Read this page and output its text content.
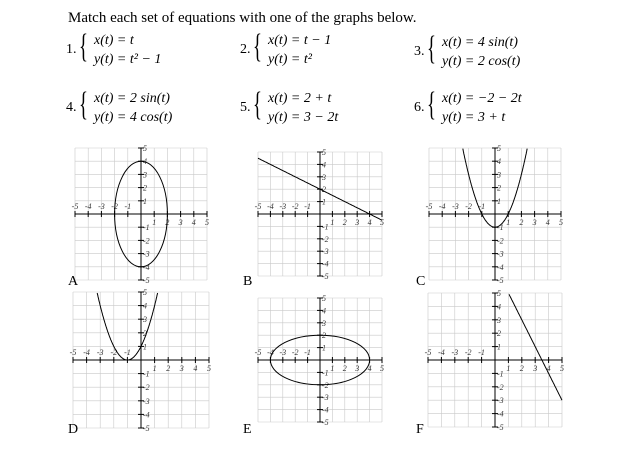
Match each set of equations with one of the graphs below.
1. { x(t) = t
y(t) = t² − 1
2. { x(t) = t − 1
y(t) = t²
3. { x(t) = 4 sin(t)
y(t) = 2 cos(t)
4. { x(t) = 2 sin(t)
y(t) = 4 cos(t)
5. { x(t) = 2 + t
y(t) = 3 − 2t
6. { x(t) = −2 − 2t
y(t) = 3 + t
-5 -4 -3 -2 -1
1 2 3 4 5
5
4
3
2
1
-1
-2
-3
-4
-5
-5 -4 -3 -2 -1
1 2 3 4 5
5
4
3
2
1
-1
-2
-3
-4
-5
-5 -4 -3 -2 -1
1 2 3 4 5
5
4
3
2
1
-1
-2
-3
-4
-5
-5 -4 -3 -2 -1
1 2 3 4 5
5
4
3
2
1
-1
-2
-3
-4
-5
-5 -4 -3 -2 -1
1 2 3 4 5
5
4
3
2
1
-1
-2
-3
-4
-5
-5 -4 -3 -2 -1
1 2 3 4 5
5
4
3
2
1
-1
-2
-3
-4
-5
A	B	C
D	E	F
